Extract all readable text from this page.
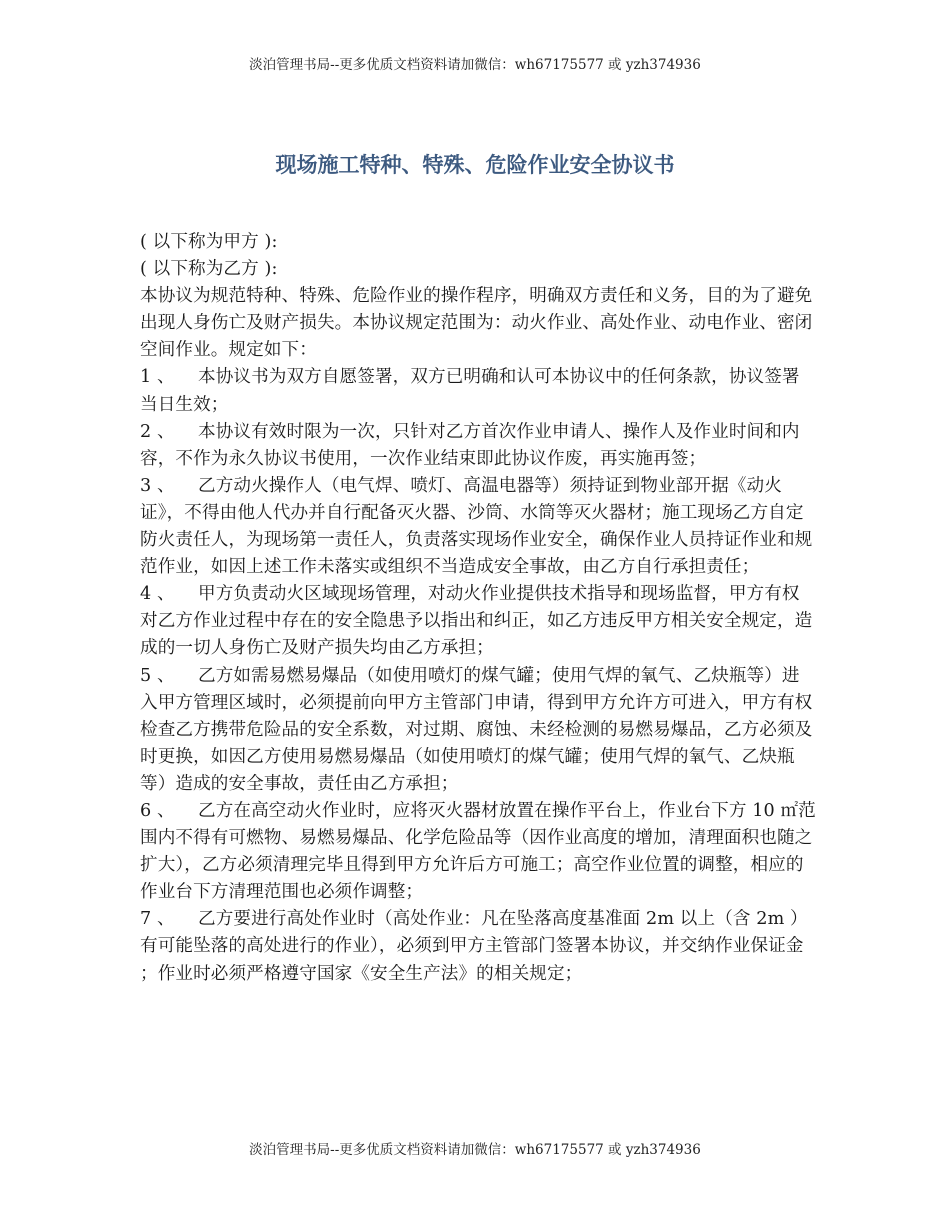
淡泊管理书局--更多优质文档资料请加微信：wh67175577 或 yzh374936
现场施工特种、特殊、危险作业安全协议书

( 以下称为甲方 ):

( 以下称为乙方 ):

本协议为规范特种、特殊、危险作业的操作程序，明确双方责任和义务，目的为了避免出现人身伤亡及财产损失。本协议规定范围为：动火作业、高处作业、动电作业、密闭空间作业。规定如下：

1 、 本协议书为双方自愿签署，双方已明确和认可本协议中的任何条款，协议签署当日生效；

2 、 本协议有效时限为一次，只针对乙方首次作业申请人、操作人及作业时间和内容，不作为永久协议书使用，一次作业结束即此协议作废，再实施再签；

3 、 乙方动火操作人（电气焊、喷灯、高温电器等）须持证到物业部开据《动火证》，不得由他人代办并自行配备灭火器、沙筒、水筒等灭火器材；施工现场乙方自定防火责任人，为现场第一责任人，负责落实现场作业安全，确保作业人员持证作业和规范作业，如因上述工作未落实或组织不当造成安全事故，由乙方自行承担责任；

4 、 甲方负责动火区域现场管理，对动火作业提供技术指导和现场监督，甲方有权对乙方作业过程中存在的安全隐患予以指出和纠正，如乙方违反甲方相关安全规定，造成的一切人身伤亡及财产损失均由乙方承担；

5 、 乙方如需易燃易爆品（如使用喷灯的煤气罐；使用气焊的氧气、乙炔瓶等）进入甲方管理区域时，必须提前向甲方主管部门申请，得到甲方允许方可进入，甲方有权检查乙方携带危险品的安全系数，对过期、腐蚀、未经检测的易燃易爆品，乙方必须及时更换，如因乙方使用易燃易爆品（如使用喷灯的煤气罐；使用气焊的氧气、乙炔瓶等）造成的安全事故，责任由乙方承担；

6 、 乙方在高空动火作业时，应将灭火器材放置在操作平台上，作业台下方 10 ㎡范围内不得有可燃物、易燃易爆品、化学危险品等（因作业高度的增加，清理面积也随之扩大），乙方必须清理完毕且得到甲方允许后方可施工；高空作业位置的调整，相应的作业台下方清理范围也必须作调整；

7 、 乙方要进行高处作业时（高处作业：凡在坠落高度基准面 2m 以上（含 2m ）有可能坠落的高处进行的作业），必须到甲方主管部门签署本协议，并交纳作业保证金 ；作业时必须严格遵守国家《安全生产法》的相关规定；

淡泊管理书局--更多优质文档资料请加微信：wh67175577 或 yzh374936
